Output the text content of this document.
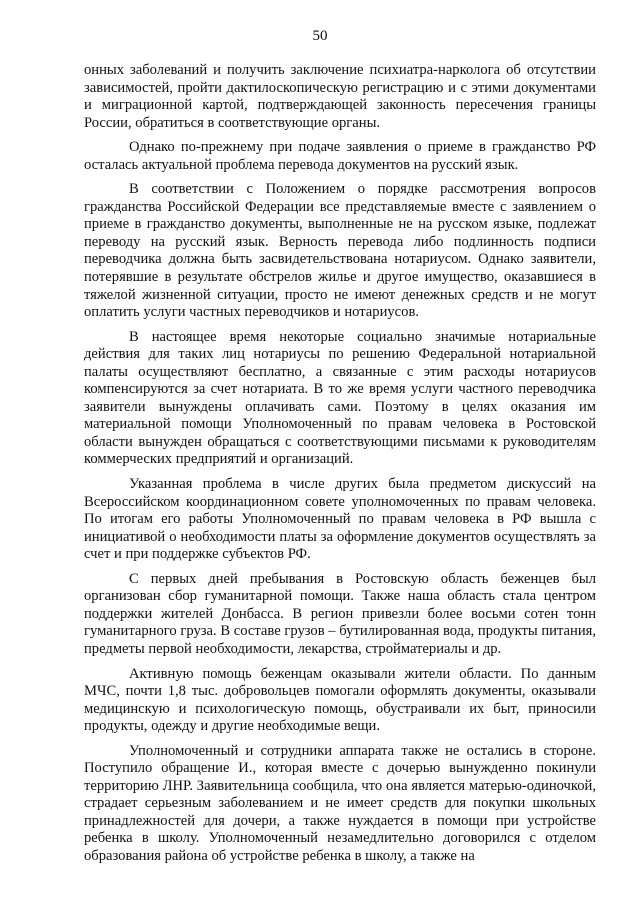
50

онных заболеваний и получить заключение психиатра-нарколога об отсутствии зависимостей, пройти дактилоскопическую регистрацию и с этими документами и миграционной картой, подтверждающей законность пересечения границы России, обратиться в соответствующие органы.

Однако по-прежнему при подаче заявления о приеме в гражданство РФ осталась актуальной проблема перевода документов на русский язык.

В соответствии с Положением о порядке рассмотрения вопросов гражданства Российской Федерации все представляемые вместе с заявлением о приеме в гражданство документы, выполненные не на русском языке, подлежат переводу на русский язык. Верность перевода либо подлинность подписи переводчика должна быть засвидетельствована нотариусом. Однако заявители, потерявшие в результате обстрелов жилье и другое имущество, оказавшиеся в тяжелой жизненной ситуации, просто не имеют денежных средств и не могут оплатить услуги частных переводчиков и нотариусов.

В настоящее время некоторые социально значимые нотариальные действия для таких лиц нотариусы по решению Федеральной нотариальной палаты осуществляют бесплатно, а связанные с этим расходы нотариусов компенсируются за счет нотариата. В то же время услуги частного переводчика заявители вынуждены оплачивать сами. Поэтому в целях оказания им материальной помощи Уполномоченный по правам человека в Ростовской области вынужден обращаться с соответствующими письмами к руководителям коммерческих предприятий и организаций.

Указанная проблема в числе других была предметом дискуссий на Всероссийском координационном совете уполномоченных по правам человека. По итогам его работы Уполномоченный по правам человека в РФ вышла с инициативой о необходимости платы за оформление документов осуществлять за счет и при поддержке субъектов РФ.

С первых дней пребывания в Ростовскую область беженцев был организован сбор гуманитарной помощи. Также наша область стала центром поддержки жителей Донбасса. В регион привезли более восьми сотен тонн гуманитарного груза. В составе грузов – бутилированная вода, продукты питания, предметы первой необходимости, лекарства, стройматериалы и др.

Активную помощь беженцам оказывали жители области. По данным МЧС, почти 1,8 тыс. добровольцев помогали оформлять документы, оказывали медицинскую и психологическую помощь, обустраивали их быт, приносили продукты, одежду и другие необходимые вещи.

Уполномоченный и сотрудники аппарата также не остались в стороне. Поступило обращение И., которая вместе с дочерью вынужденно покинули территорию ЛНР. Заявительница сообщила, что она является матерью-одиночкой, страдает серьезным заболеванием и не имеет средств для покупки школьных принадлежностей для дочери, а также нуждается в помощи при устройстве ребенка в школу. Уполномоченный незамедлительно договорился с отделом образования района об устройстве ребенка в школу, а также на
